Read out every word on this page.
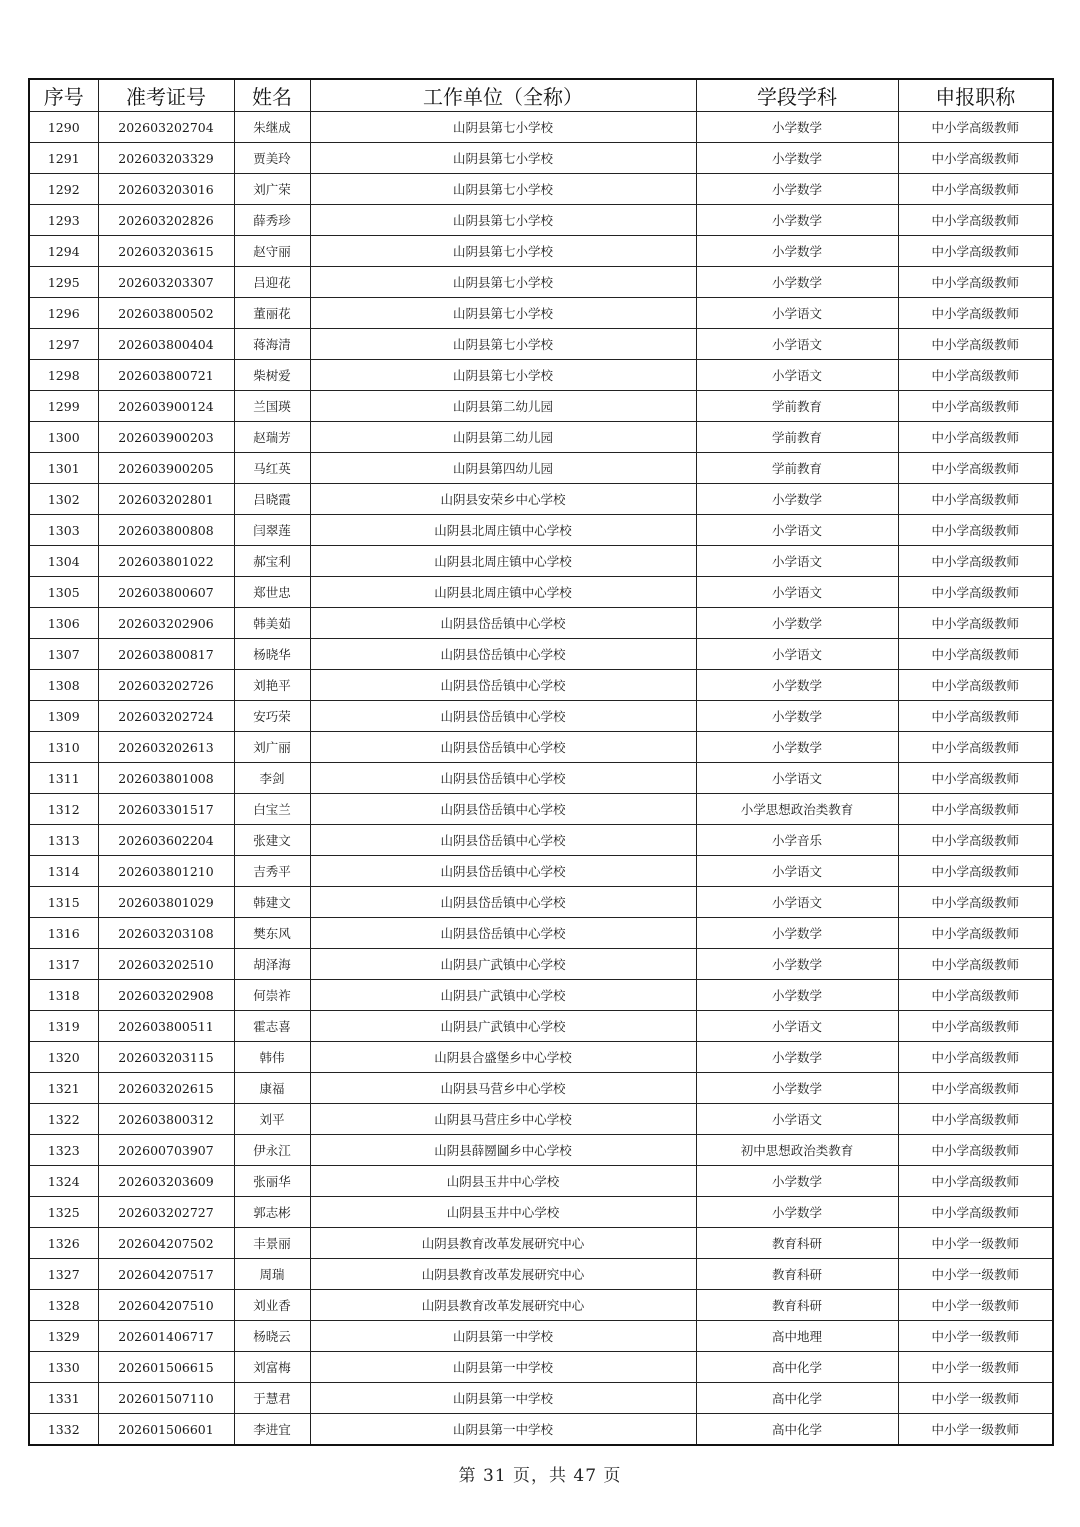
序号	准考证号	姓名	工作单位（全称）	学段学科	申报职称
1290	202603202704	朱继成	山阴县第七小学校	小学数学	中小学高级教师
1291	202603203329	贾美玲	山阴县第七小学校	小学数学	中小学高级教师
1292	202603203016	刘广荣	山阴县第七小学校	小学数学	中小学高级教师
1293	202603202826	薛秀珍	山阴县第七小学校	小学数学	中小学高级教师
1294	202603203615	赵守丽	山阴县第七小学校	小学数学	中小学高级教师
1295	202603203307	吕迎花	山阴县第七小学校	小学数学	中小学高级教师
1296	202603800502	董丽花	山阴县第七小学校	小学语文	中小学高级教师
1297	202603800404	蒋海清	山阴县第七小学校	小学语文	中小学高级教师
1298	202603800721	柴树爱	山阴县第七小学校	小学语文	中小学高级教师
1299	202603900124	兰国瑛	山阴县第二幼儿园	学前教育	中小学高级教师
1300	202603900203	赵瑞芳	山阴县第二幼儿园	学前教育	中小学高级教师
1301	202603900205	马红英	山阴县第四幼儿园	学前教育	中小学高级教师
1302	202603202801	吕晓霞	山阴县安荣乡中心学校	小学数学	中小学高级教师
1303	202603800808	闫翠莲	山阴县北周庄镇中心学校	小学语文	中小学高级教师
1304	202603801022	郝宝利	山阴县北周庄镇中心学校	小学语文	中小学高级教师
1305	202603800607	郑世忠	山阴县北周庄镇中心学校	小学语文	中小学高级教师
1306	202603202906	韩美茹	山阴县岱岳镇中心学校	小学数学	中小学高级教师
1307	202603800817	杨晓华	山阴县岱岳镇中心学校	小学语文	中小学高级教师
1308	202603202726	刘艳平	山阴县岱岳镇中心学校	小学数学	中小学高级教师
1309	202603202724	安巧荣	山阴县岱岳镇中心学校	小学数学	中小学高级教师
1310	202603202613	刘广丽	山阴县岱岳镇中心学校	小学数学	中小学高级教师
1311	202603801008	李剑	山阴县岱岳镇中心学校	小学语文	中小学高级教师
1312	202603301517	白宝兰	山阴县岱岳镇中心学校	小学思想政治类教育	中小学高级教师
1313	202603602204	张建文	山阴县岱岳镇中心学校	小学音乐	中小学高级教师
1314	202603801210	吉秀平	山阴县岱岳镇中心学校	小学语文	中小学高级教师
1315	202603801029	韩建文	山阴县岱岳镇中心学校	小学语文	中小学高级教师
1316	202603203108	樊东风	山阴县岱岳镇中心学校	小学数学	中小学高级教师
1317	202603202510	胡泽海	山阴县广武镇中心学校	小学数学	中小学高级教师
1318	202603202908	何崇祚	山阴县广武镇中心学校	小学数学	中小学高级教师
1319	202603800511	霍志喜	山阴县广武镇中心学校	小学语文	中小学高级教师
1320	202603203115	韩伟	山阴县合盛堡乡中心学校	小学数学	中小学高级教师
1321	202603202615	康福	山阴县马营乡中心学校	小学数学	中小学高级教师
1322	202603800312	刘平	山阴县马营庄乡中心学校	小学语文	中小学高级教师
1323	202600703907	伊永江	山阴县薛圐圙乡中心学校	初中思想政治类教育	中小学高级教师
1324	202603203609	张丽华	山阴县玉井中心学校	小学数学	中小学高级教师
1325	202603202727	郭志彬	山阴县玉井中心学校	小学数学	中小学高级教师
1326	202604207502	丰景丽	山阴县教育改革发展研究中心	教育科研	中小学一级教师
1327	202604207517	周瑞	山阴县教育改革发展研究中心	教育科研	中小学一级教师
1328	202604207510	刘业香	山阴县教育改革发展研究中心	教育科研	中小学一级教师
1329	202601406717	杨晓云	山阴县第一中学校	高中地理	中小学一级教师
1330	202601506615	刘富梅	山阴县第一中学校	高中化学	中小学一级教师
1331	202601507110	于慧君	山阴县第一中学校	高中化学	中小学一级教师
1332	202601506601	李进宜	山阴县第一中学校	高中化学	中小学一级教师
第 31 页，共 47 页
